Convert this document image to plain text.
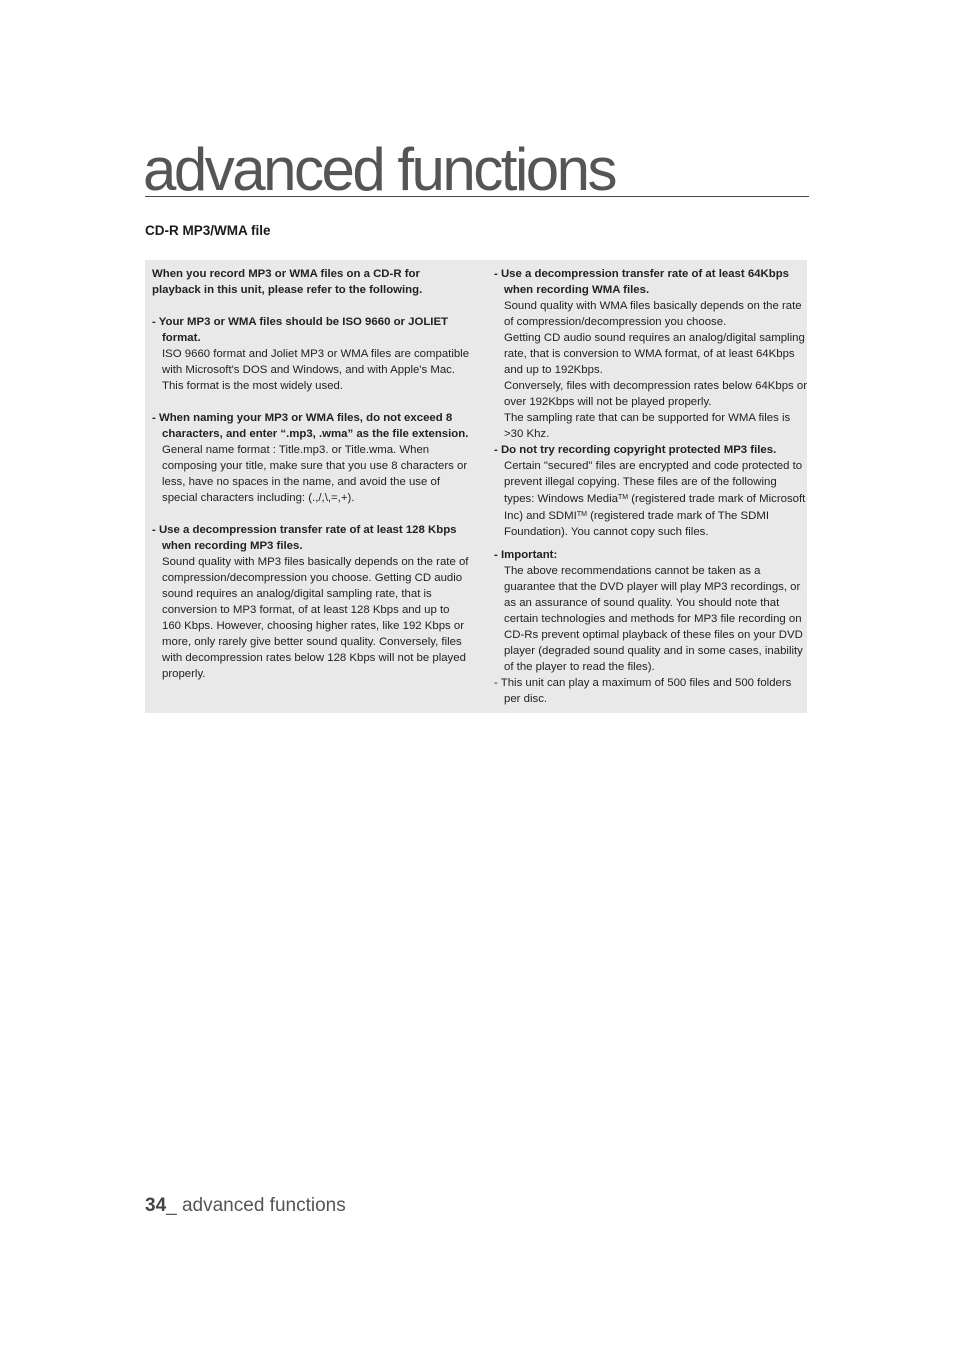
advanced functions
CD-R MP3/WMA file

When you record MP3 or WMA files on a CD-R for playback in this unit, please refer to the following.

- Your MP3 or WMA files should be ISO 9660 or JOLIET format.

ISO 9660 format and Joliet MP3 or WMA files are compatible with Microsoft's DOS and Windows, and with Apple's Mac. This format is the most widely used.

- When naming your MP3 or WMA files, do not exceed 8 characters, and enter “.mp3, .wma” as the file extension.

General name format : Title.mp3. or Title.wma. When composing your title, make sure that you use 8 characters or less, have no spaces in the name, and avoid the use of special characters including: (.,/,\,=,+).

- Use a decompression transfer rate of at least 128 Kbps when recording MP3 files.

Sound quality with MP3 files basically depends on the rate of compression/decompression you choose. Getting CD audio sound requires an analog/digital sampling rate, that is conversion to MP3 format, of at least 128 Kbps and up to 160 Kbps. However, choosing higher rates, like 192 Kbps or more, only rarely give better sound quality. Conversely, files with decompression rates below 128 Kbps will not be played properly.

- Use a decompression transfer rate of at least 64Kbps when recording WMA files.

Sound quality with WMA files basically depends on the rate of compression/decompression you choose.

Getting CD audio sound requires an analog/digital sampling rate, that is conversion to WMA format, of at least 64Kbps and up to 192Kbps.

Conversely, files with decompression rates below 64Kbps or over 192Kbps will not be played properly.

The sampling rate that can be supported for WMA files is >30 Khz.

- Do not try recording copyright protected MP3 files.

Certain "secured" files are encrypted and code protected to prevent illegal copying. These files are of the following types: Windows Media™ (registered trade mark of Microsoft Inc) and SDMI™ (registered trade mark of The SDMI Foundation). You cannot copy such files.

- Important:

The above recommendations cannot be taken as a guarantee that the DVD player will play MP3 recordings, or as an assurance of sound quality. You should note that certain technologies and methods for MP3 file recording on CD-Rs prevent optimal playback of these files on your DVD player (degraded sound quality and in some cases, inability of the player to read the files).

- This unit can play a maximum of 500 files and 500 folders per disc.

34_ advanced functions
